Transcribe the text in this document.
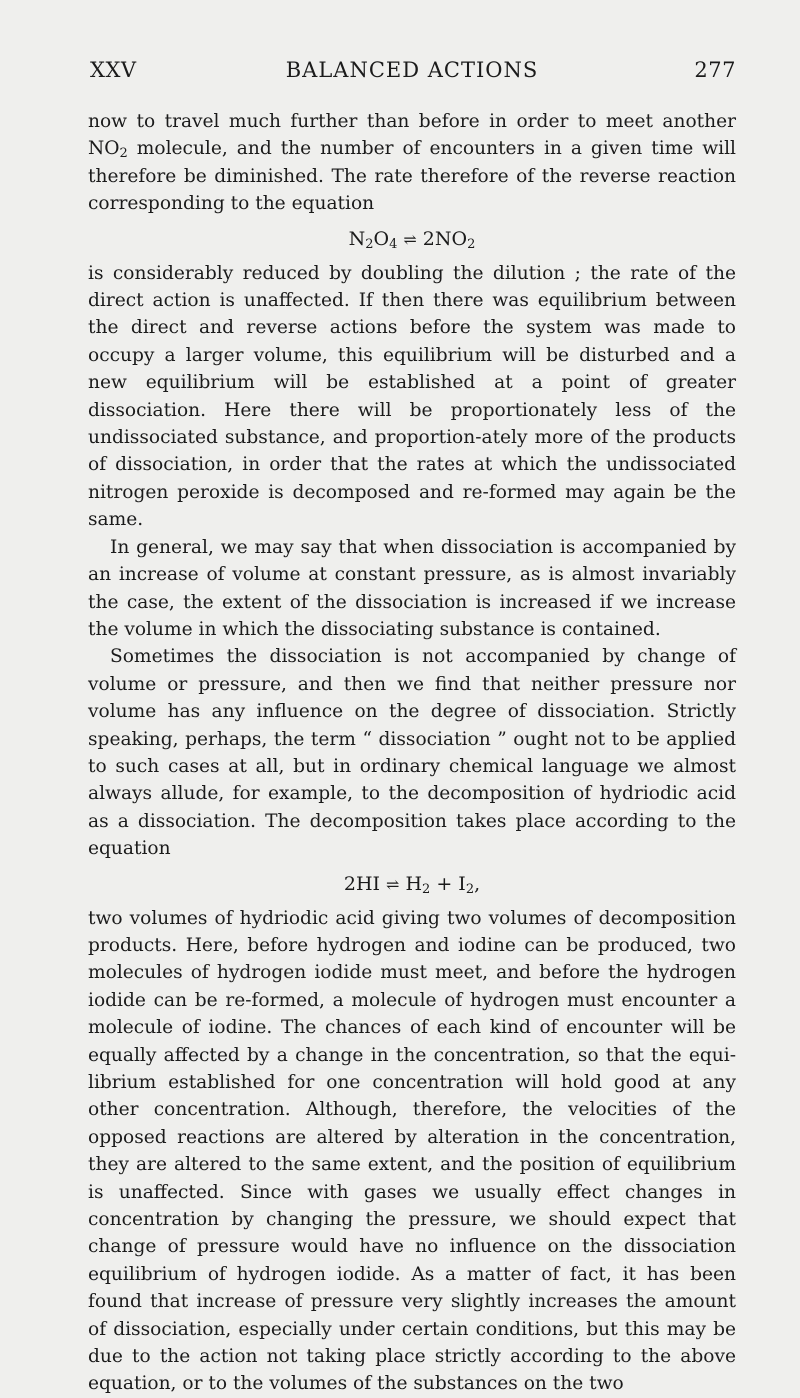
XXV	BALANCED ACTIONS	277

now to travel much further than before in order to meet another $NO_2$ molecule, and the number of encounters in a given time will therefore be diminished. The rate therefore of the reverse reaction corresponding to the equation

$N_2O_4$ ⇌ $2NO_2$

is considerably reduced by doubling the dilution ; the rate of the direct action is unaffected. If then there was equilibrium between the direct and reverse actions before the system was made to occupy a larger volume, this equilibrium will be disturbed and a new equilibrium will be established at a point of greater dissociation. Here there will be proportionately less of the undissociated substance, and proportion-ately more of the products of dissociation, in order that the rates at which the undissociated nitrogen peroxide is decomposed and re-formed may again be the same.

In general, we may say that when dissociation is accompanied by an increase of volume at constant pressure, as is almost invariably the case, the extent of the dissociation is increased if we increase the volume in which the dissociating substance is contained.

Sometimes the dissociation is not accompanied by change of volume or pressure, and then we find that neither pressure nor volume has any influence on the degree of dissociation. Strictly speaking, perhaps, the term “ dissociation ” ought not to be applied to such cases at all, but in ordinary chemical language we almost always allude, for example, to the decomposition of hydriodic acid as a dissociation. The decomposition takes place according to the equation

2HI ⇌ $H_2 + I_2$,

two volumes of hydriodic acid giving two volumes of decomposition products. Here, before hydrogen and iodine can be produced, two molecules of hydrogen iodide must meet, and before the hydrogen iodide can be re-formed, a molecule of hydrogen must encounter a molecule of iodine. The chances of each kind of encounter will be equally affected by a change in the concentration, so that the equi-librium established for one concentration will hold good at any other concentration. Although, therefore, the velocities of the opposed reactions are altered by alteration in the concentration, they are altered to the same extent, and the position of equilibrium is unaffected. Since with gases we usually effect changes in concentration by changing the pressure, we should expect that change of pressure would have no influence on the dissociation equilibrium of hydrogen iodide. As a matter of fact, it has been found that increase of pressure very slightly increases the amount of dissociation, especially under certain conditions, but this may be due to the action not taking place strictly according to the above equation, or to the volumes of the substances on the two
